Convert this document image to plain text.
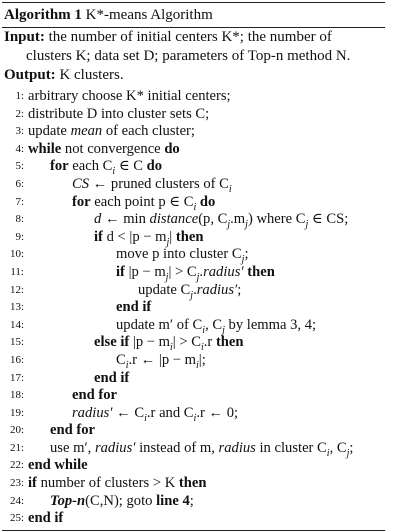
Algorithm 1 K*-means Algorithm
Input: the number of initial centers K*; the number of
clusters K; data set D; parameters of Top-n method N.
Output: K clusters.
1: arbitrary choose K* initial centers;
2: distribute D into cluster sets C;
3: update mean of each cluster;
4: while not convergence do
5: for each $C_i$ ∈ C do
6:	CS ← pruned clusters of $C_i$
7:	for each point p ∈ $C_i$ do
8:	d ← min distance(p, $C_j.m_j$) where $C_j$ ∈ CS;
9:	if $d < |p - m_j|$ then
10:	move p into cluster $C_j$;
11:	if $|p - m_j|$ > $C_j.radius'$ then
12:	update $C_j.radius'$;
13:	end if
14:	update m′ of $C_i$, $C_j$ by lemma 3, 4;
15:	else if $|p - m_i| > C_i.r$ then
16:	$C_i.r$ ← $|p - m_i|$;
17:	end if
18:	end for
19:	radius′ ← $C_i.r$ and $C_i.r$ ← 0;
20: end for
21: use m′, radius′ instead of m, radius in cluster $C_i$, $C_j$;
22: end while
23: if number of clusters > K then
24: Top-n(C,N); goto line 4;
25: end if
